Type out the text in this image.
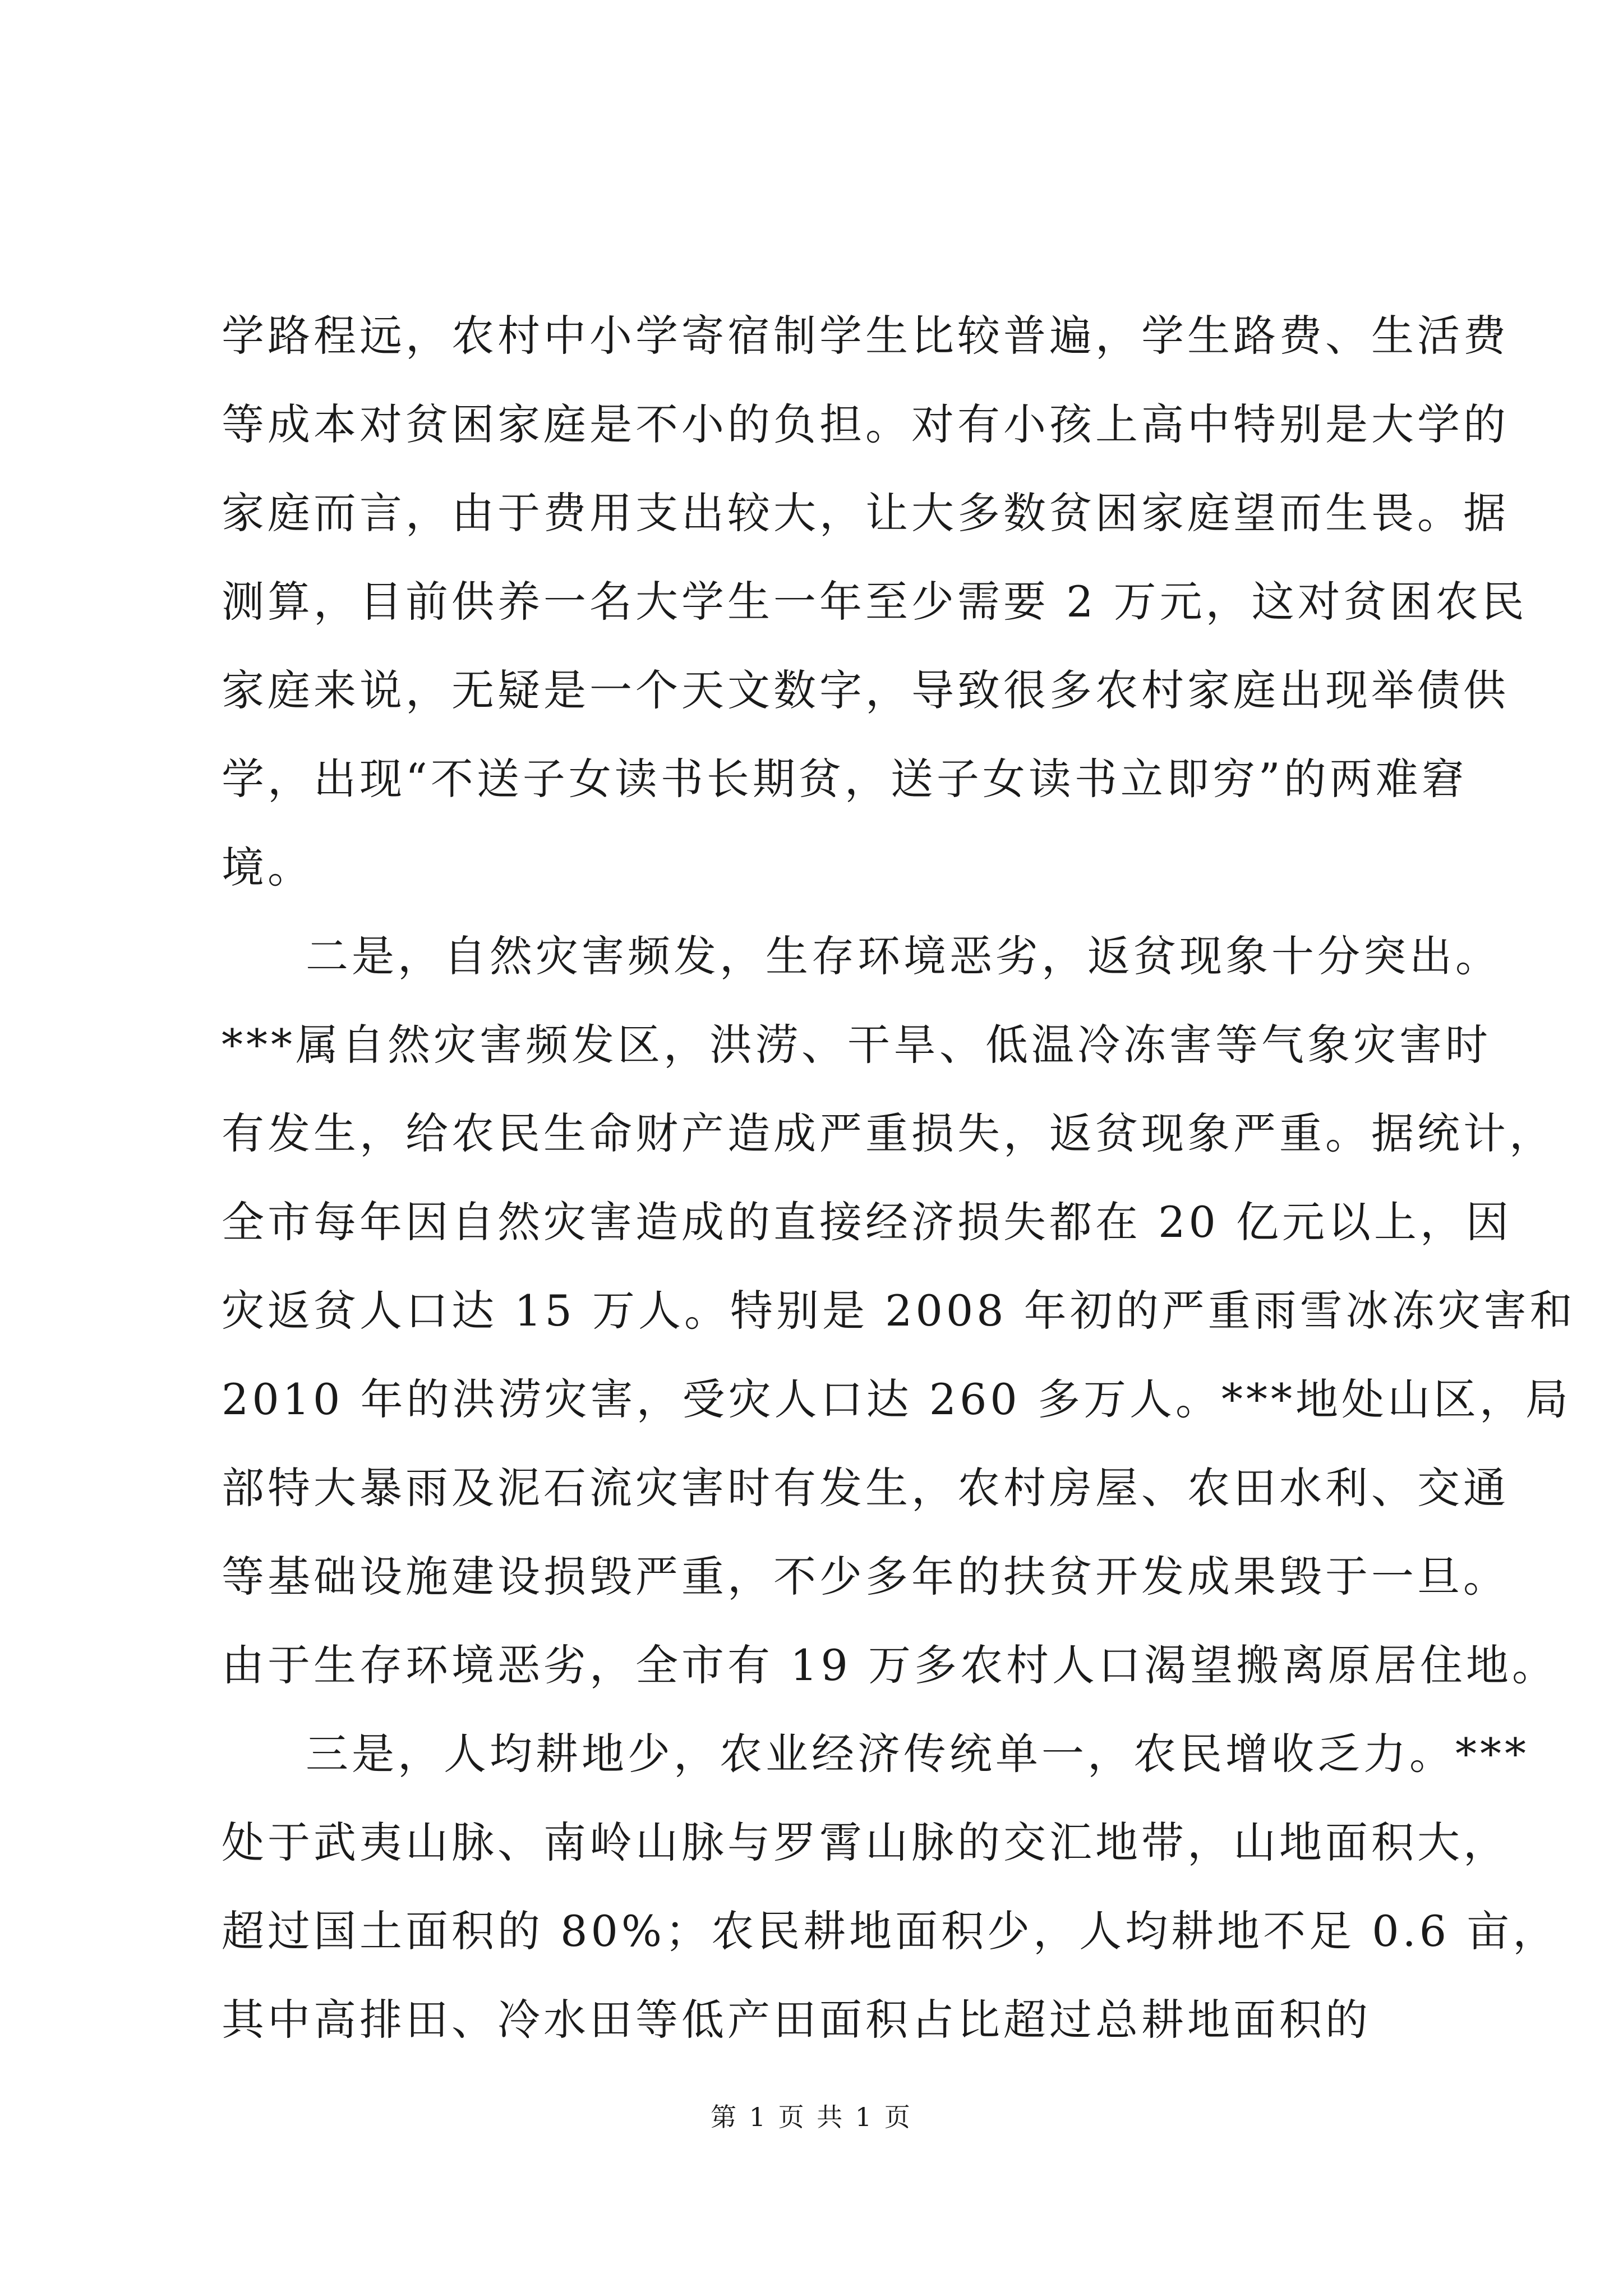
学路程远，农村中小学寄宿制学生比较普遍，学生路费、生活费
等成本对贫困家庭是不小的负担。对有小孩上高中特别是大学的
家庭而言，由于费用支出较大，让大多数贫困家庭望而生畏。据
测算，目前供养一名大学生一年至少需要 2 万元，这对贫困农民
家庭来说，无疑是一个天文数字，导致很多农村家庭出现举债供
学，出现“不送子女读书长期贫，送子女读书立即穷”的两难窘
境。
二是，自然灾害频发，生存环境恶劣，返贫现象十分突出。
***属自然灾害频发区，洪涝、干旱、低温冷冻害等气象灾害时
有发生，给农民生命财产造成严重损失，返贫现象严重。据统计，
全市每年因自然灾害造成的直接经济损失都在 20 亿元以上，因
灾返贫人口达 15 万人。特别是 2008 年初的严重雨雪冰冻灾害和
2010 年的洪涝灾害，受灾人口达 260 多万人。***地处山区，局
部特大暴雨及泥石流灾害时有发生，农村房屋、农田水利、交通
等基础设施建设损毁严重，不少多年的扶贫开发成果毁于一旦。
由于生存环境恶劣，全市有 19 万多农村人口渴望搬离原居住地。
三是，人均耕地少，农业经济传统单一，农民增收乏力。***
处于武夷山脉、南岭山脉与罗霄山脉的交汇地带，山地面积大，
超过国土面积的 80%；农民耕地面积少，人均耕地不足 0.6 亩，
其中高排田、冷水田等低产田面积占比超过总耕地面积的
第 1 页 共 1 页
